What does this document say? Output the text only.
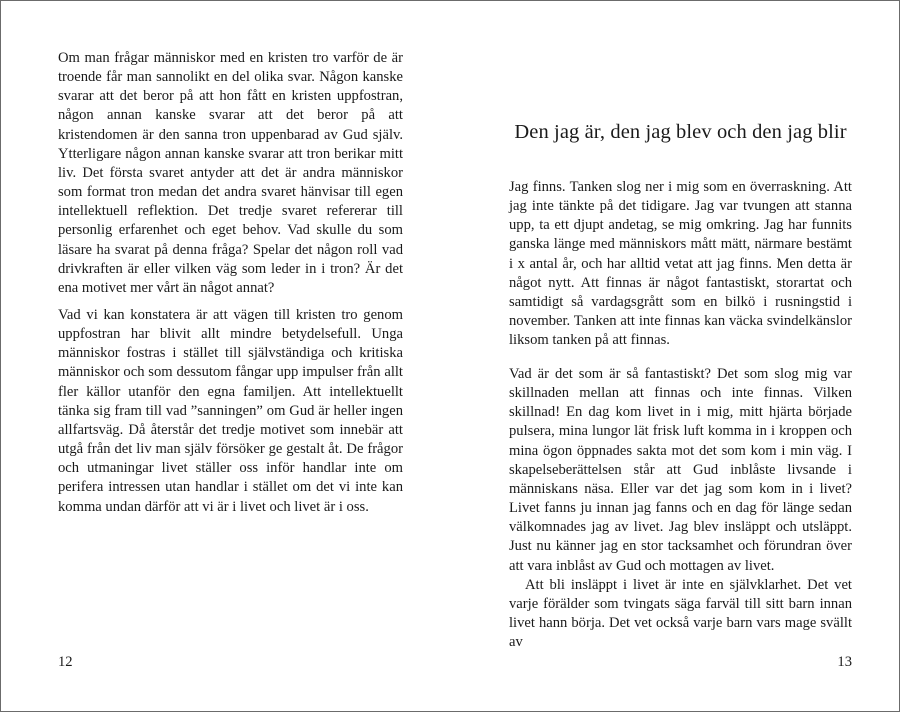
Om man frågar människor med en kristen tro varför de är troende får man sannolikt en del olika svar. Någon kanske svarar att det beror på att hon fått en kristen uppfostran, någon annan kanske svarar att det beror på att kristendomen är den sanna tron uppenbarad av Gud själv. Ytterligare någon annan kanske svarar att tron berikar mitt liv. Det första svaret antyder att det är andra människor som format tron medan det andra svaret hänvisar till egen intellektuell reflektion. Det tredje svaret refererar till personlig erfarenhet och eget behov. Vad skulle du som läsare ha svarat på denna fråga? Spelar det någon roll vad drivkraften är eller vilken väg som leder in i tron? Är det ena motivet mer vårt än något annat?

Vad vi kan konstatera är att vägen till kristen tro genom uppfostran har blivit allt mindre betydelsefull. Unga människor fostras i stället till självständiga och kritiska människor och som dessutom fångar upp impulser från allt fler källor utanför den egna familjen. Att intellektuellt tänka sig fram till vad ”sanningen” om Gud är heller ingen allfartsväg. Då återstår det tredje motivet som innebär att utgå från det liv man själv försöker ge gestalt åt. De frågor och utmaningar livet ställer oss inför handlar inte om perifera intressen utan handlar i stället om det vi inte kan komma undan därför att vi är i livet och livet är i oss.

12
Den jag är, den jag blev och den jag blir

Jag finns. Tanken slog ner i mig som en överraskning. Att jag inte tänkte på det tidigare. Jag var tvungen att stanna upp, ta ett djupt andetag, se mig omkring. Jag har funnits ganska länge med människors mått mätt, närmare bestämt i x antal år, och har alltid vetat att jag finns. Men detta är något nytt. Att finnas är något fantastiskt, storartat och samtidigt så vardagsgrått som en bilkö i rusningstid i november. Tanken att inte finnas kan väcka svindelkänslor liksom tanken på att finnas.

Vad är det som är så fantastiskt? Det som slog mig var skillnaden mellan att finnas och inte finnas. Vilken skillnad! En dag kom livet in i mig, mitt hjärta började pulsera, mina lungor lät frisk luft komma in i kroppen och mina ögon öppnades sakta mot det som kom i min väg. I skapelseberättelsen står att Gud inblåste livsande i människans näsa. Eller var det jag som kom in i livet? Livet fanns ju innan jag fanns och en dag för länge sedan välkomnades jag av livet. Jag blev insläppt och utsläppt. Just nu känner jag en stor tacksamhet och förundran över att vara inblåst av Gud och mottagen av livet.

Att bli insläppt i livet är inte en självklarhet. Det vet varje förälder som tvingats säga farväl till sitt barn innan livet hann börja. Det vet också varje barn vars mage svällt av

13
